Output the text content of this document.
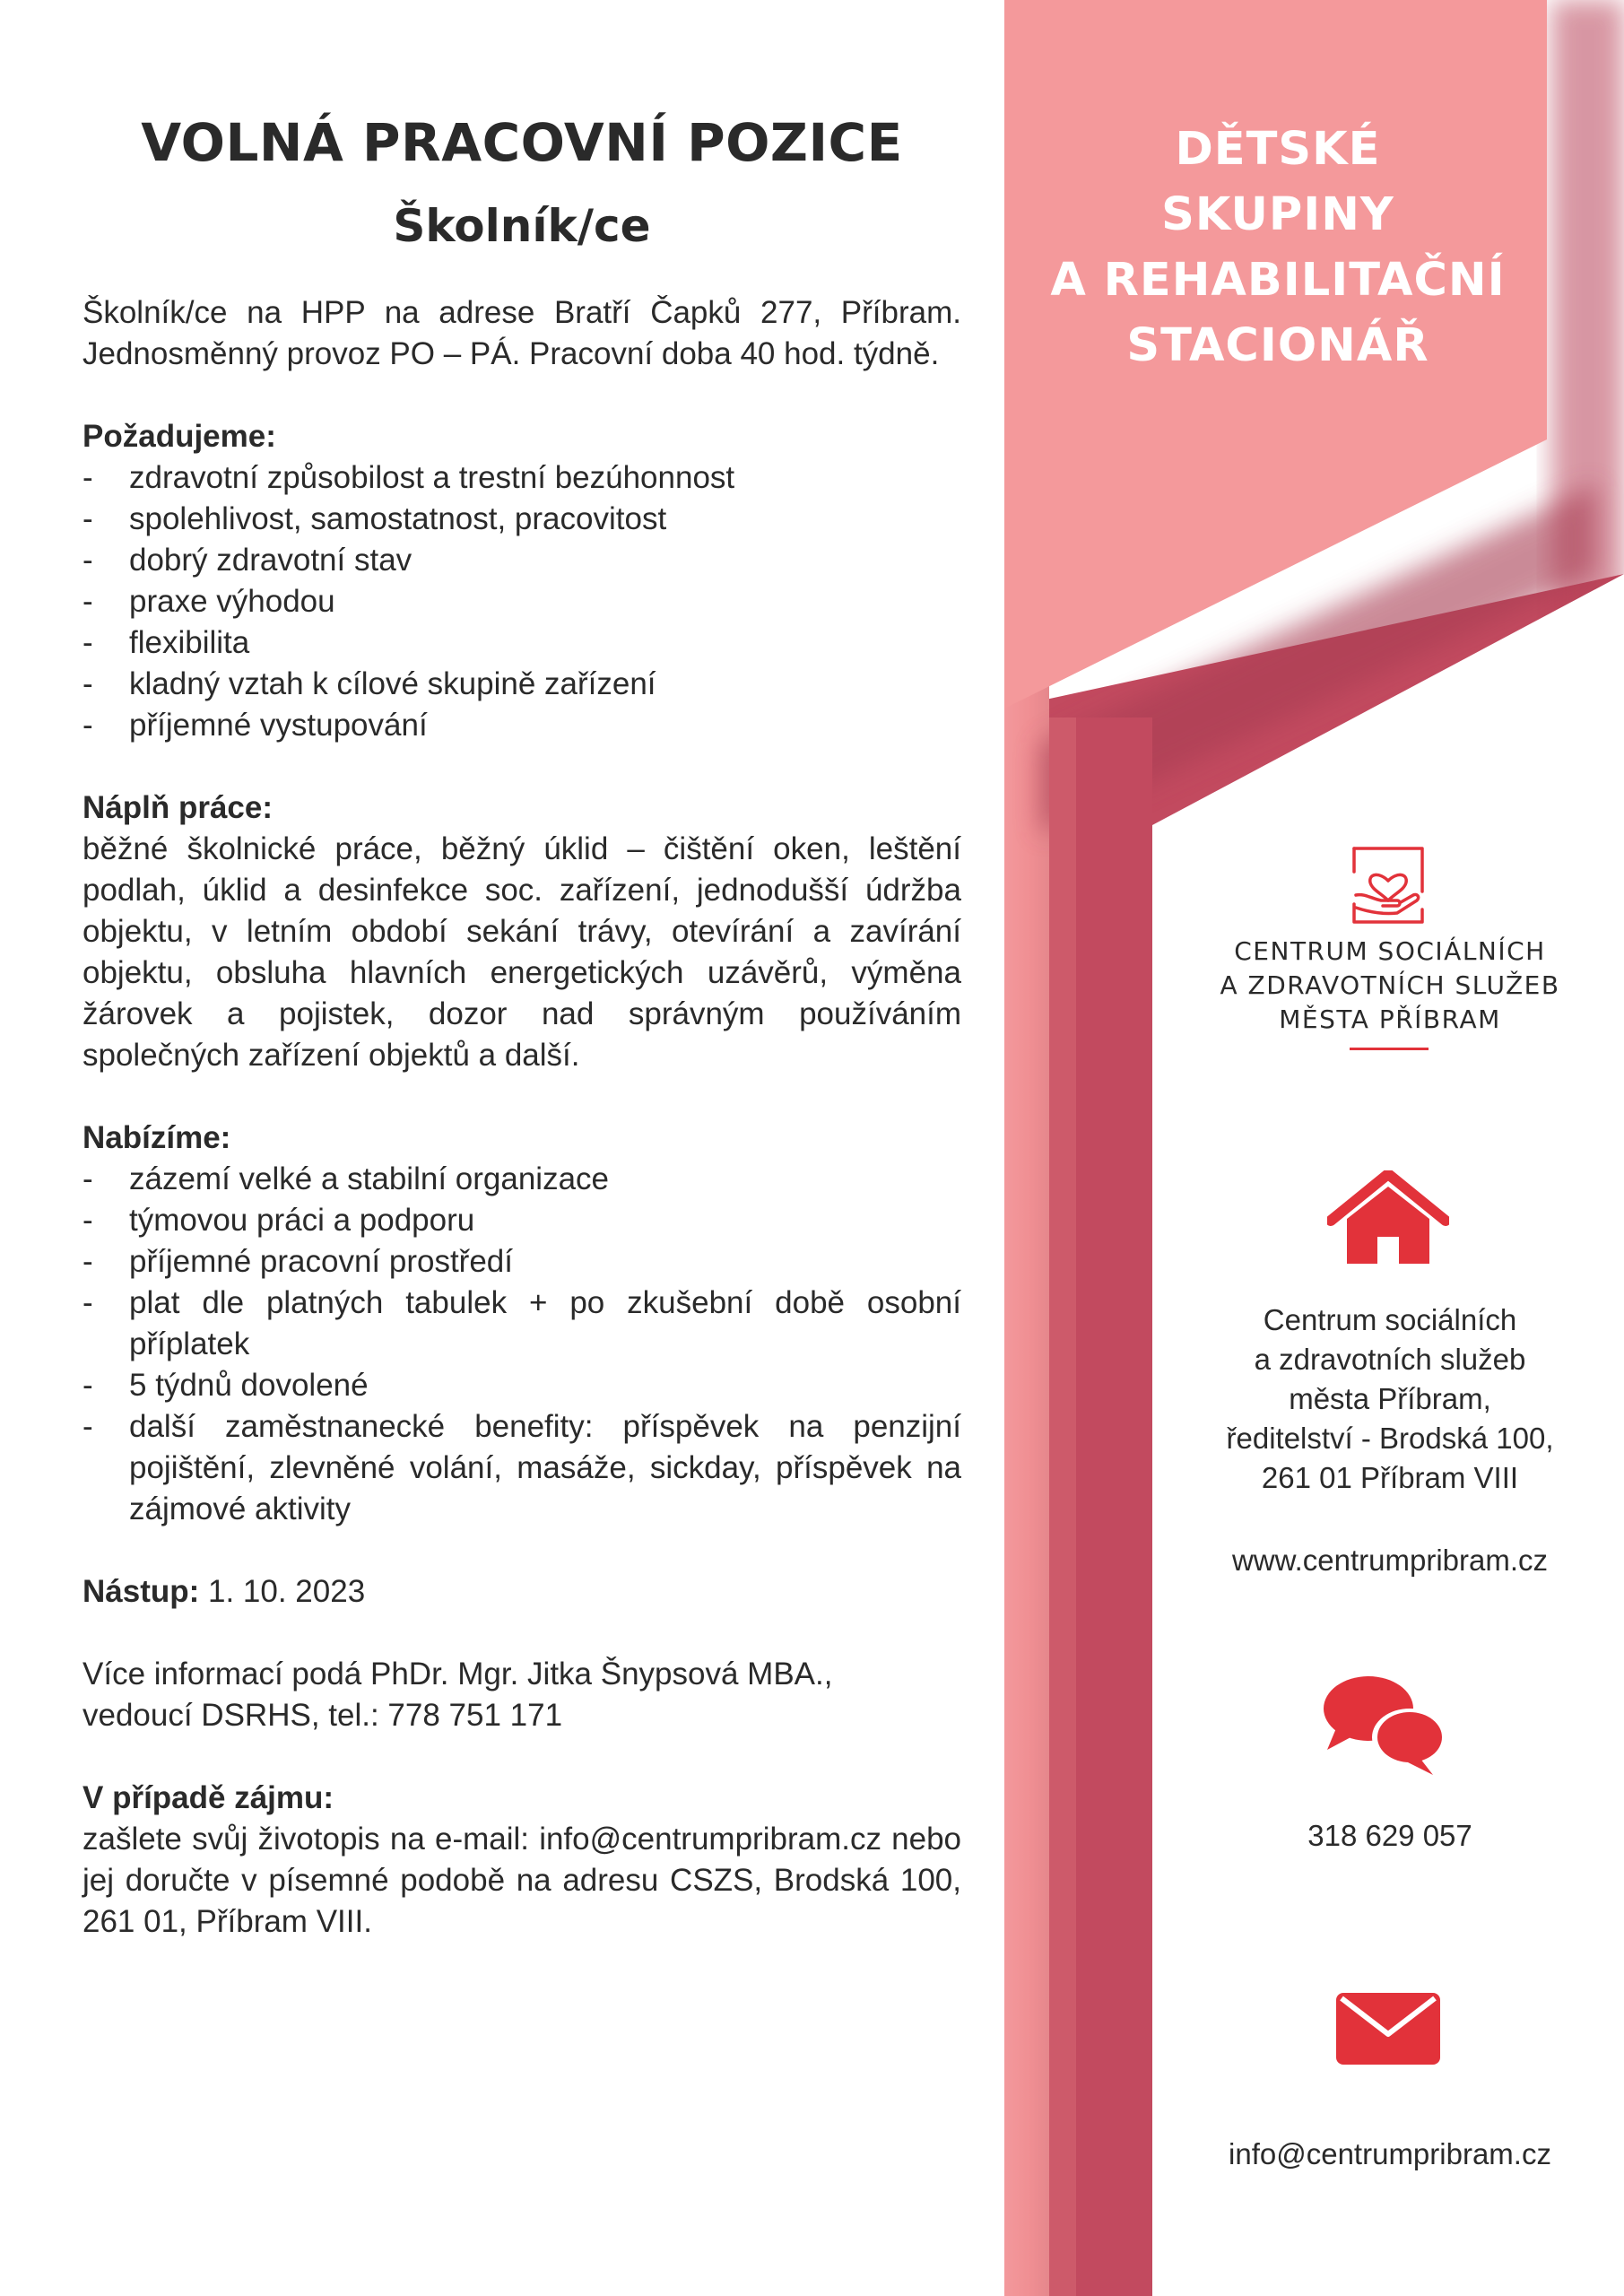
DĚTSKÉ
SKUPINY
A REHABILITAČNÍ
STACIONÁŘ
VOLNÁ PRACOVNÍ POZICE
Školník/ce

Školník/ce na HPP na adrese Bratří Čapků 277, Příbram. Jednosměnný provoz PO – PÁ. Pracovní doba 40 hod. týdně.

Požadujeme:

- zdravotní způsobilost a trestní bezúhonnost
- spolehlivost, samostatnost, pracovitost
- dobrý zdravotní stav
- praxe výhodou
- flexibilita
- kladný vztah k cílové skupině zařízení
- příjemné vystupování

Náplň práce:

běžné školnické práce, běžný úklid – čištění oken, leštění podlah, úklid a desinfekce soc. zařízení, jednodušší údržba objektu, v letním období sekání trávy, otevírání a zavírání objektu, obsluha hlavních energetických uzávěrů, výměna žárovek a pojistek, dozor nad správným používáním společných zařízení objektů a další.

Nabízíme:

- zázemí velké a stabilní organizace
- týmovou práci a podporu
- příjemné pracovní prostředí
- plat dle platných tabulek + po zkušební době osobní příplatek
- 5 týdnů dovolené
- další zaměstnanecké benefity: příspěvek na penzijní pojištění, zlevněné volání, masáže, sickday, příspěvek na zájmové aktivity

Nástup: 1. 10. 2023

Více informací podá PhDr. Mgr. Jitka Šnypsová MBA.,

vedoucí DSRHS, tel.: 778 751 171

V případě zájmu:

zašlete svůj životopis na e-mail: info@centrumpribram.cz nebo jej doručte v písemné podobě na adresu CSZS, Brodská 100, 261 01, Příbram VIII.

CENTRUM SOCIÁLNÍCH
A ZDRAVOTNÍCH SLUŽEB
MĚSTA PŘÍBRAM
Centrum sociálních
a zdravotních služeb
města Příbram,
ředitelství - Brodská 100,
261 01 Příbram VIII
www.centrumpribram.cz
318 629 057
info@centrumpribram.cz
